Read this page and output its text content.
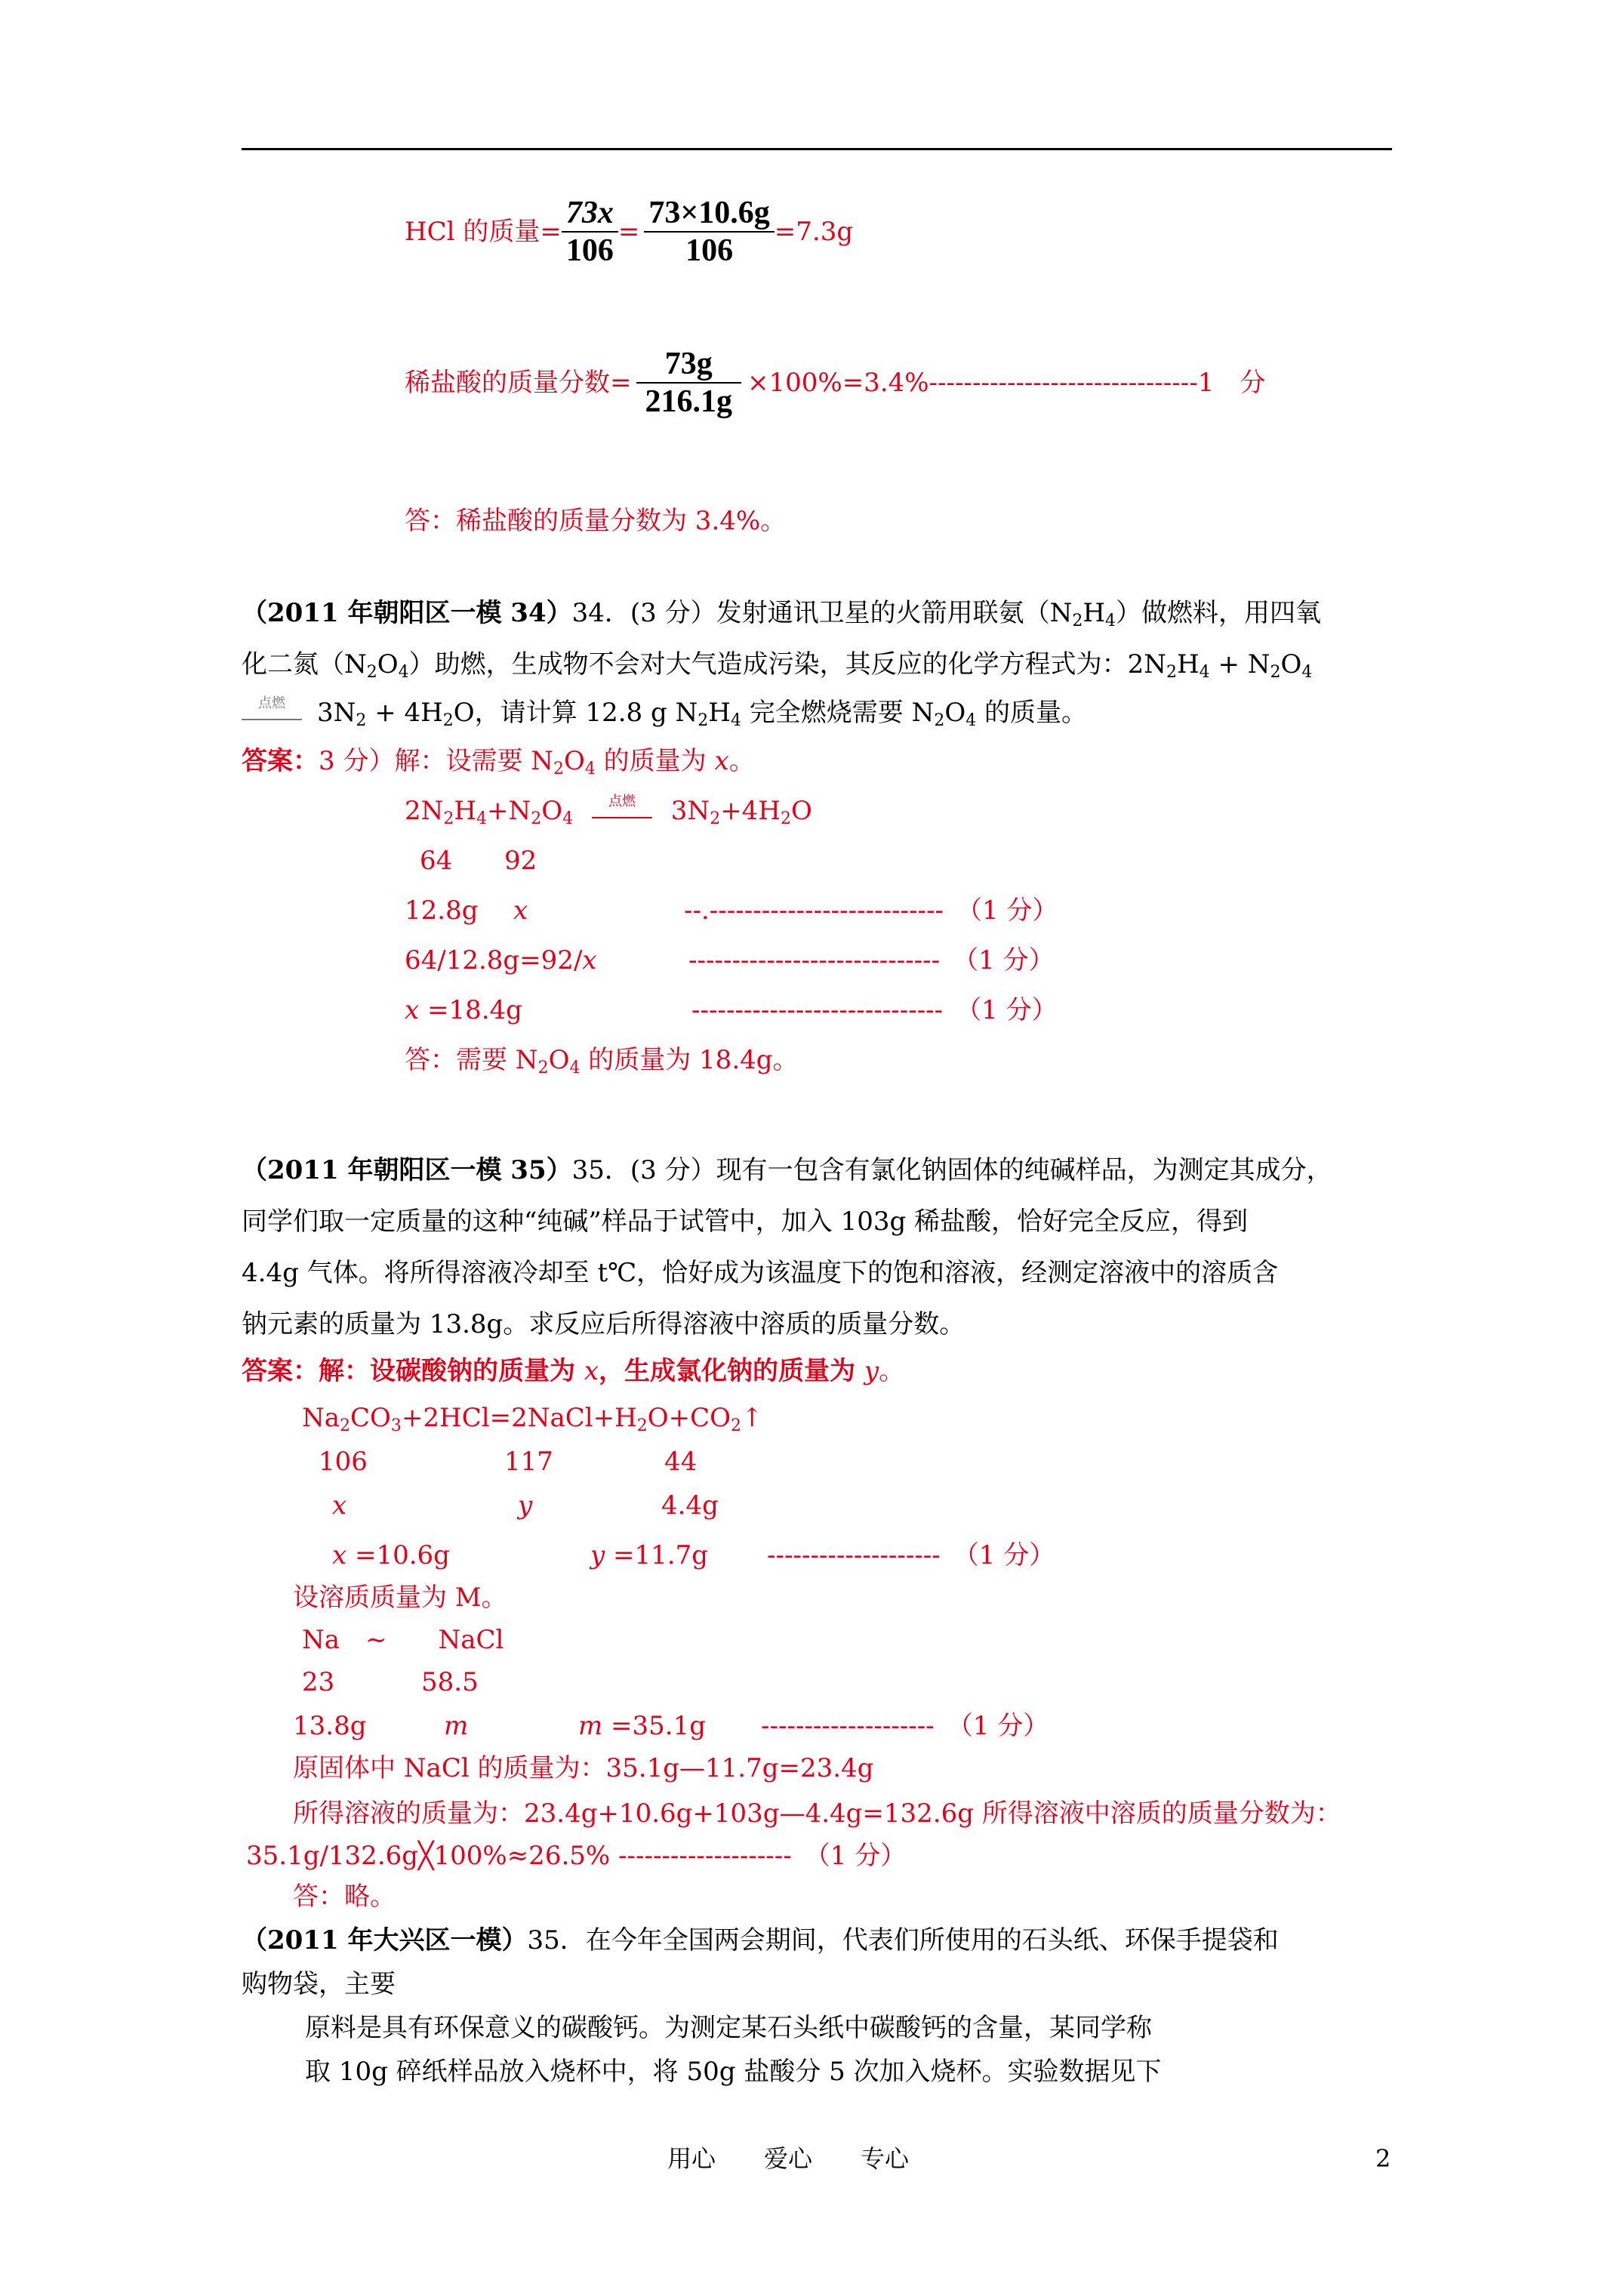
HCl 的质量= $\frac{73x}{106} = \frac{73\times 10.6g}{106} =7.3g$
稀盐酸的质量分数= $\frac{73g}{216.1g} \times 100\%=3.4\%-------------------------------1$　分
答：稀盐酸的质量分数为 3.4%。
（2011 年朝阳区一模 34）34．(3 分）发射通讯卫星的火箭用联氨$(N_2H_4)$做燃料，用四氧
化二氮$(N_2O_4)$助燃，生成物不会对大气造成污染，其反应的化学方程式为：$2N_2H_4 + N_2O_4$
点燃	$3N_2 + 4H_2O$，请计算 12.8 g $N_2H_4$ 完全燃烧需要 $N_2O_4$ 的质量。
答案：3 分）解：设需要 $N_2O_4$ 的质量为 x。
$2N_2H_4+N_2O_4$
点燃	$3N_2+4H_2O$
64 92
12.8g x	--.---------------------------　（1 分）
64/12.8g=92/x	-----------------------------　（1 分）
x =18.4g	-----------------------------　（1 分）
答：需要 $N_2O_4$ 的质量为 18.4g。
（2011 年朝阳区一模 35）35．(3 分）现有一包含有氯化钠固体的纯碱样品，为测定其成分，
同学们取一定质量的这种“纯碱”样品于试管中，加入 103g 稀盐酸，恰好完全反应，得到
4.4g 气体。将所得溶液冷却至 t℃，恰好成为该温度下的饱和溶液，经测定溶液中的溶质含
钠元素的质量为 13.8g。求反应后所得溶液中溶质的质量分数。
答案：解：设碳酸钠的质量为 x，生成氯化钠的质量为 y。
$Na_2CO_3+2HCl=2NaCl+H_2O+CO_2↑$
106	117	44
x	y	4.4g
x =10.6g	y =11.7g --------------------　（1 分）
设溶质质量为 M。
Na　~　　NaCl
23	58.5
13.8g	m	m =35.1g --------------------　（1 分）
原固体中 NaCl 的质量为：35.1g—11.7g=23.4g
所得溶液的质量为：23.4g+10.6g+103g—4.4g=132.6g 所得溶液中溶质的质量分数为：
35.1g/132.6g╳100%≈26.5% --------------------　（1 分）
答：略。
（2011 年大兴区一模）35．在今年全国两会期间，代表们所使用的石头纸、环保手提袋和
购物袋，主要
原料是具有环保意义的碳酸钙。为测定某石头纸中碳酸钙的含量，某同学称
取 10g 碎纸样品放入烧杯中，将 50g 盐酸分 5 次加入烧杯。实验数据见下
用心　　爱心　　专心	2
